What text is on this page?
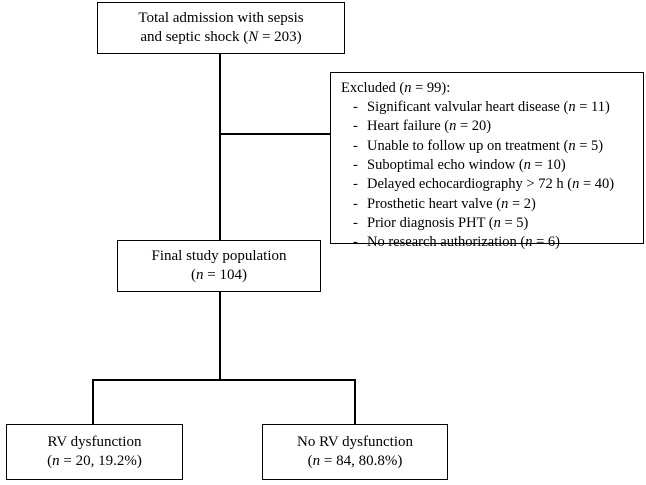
Total admission with sepsis
and septic shock (N = 203)
Excluded (n = 99):
- Significant valvular heart disease (n = 11)
- Heart failure (n = 20)
- Unable to follow up on treatment (n = 5)
- Suboptimal echo window (n = 10)
- Delayed echocardiography > 72 h (n = 40)
- Prosthetic heart valve (n = 2)
- Prior diagnosis PHT (n = 5)
- No research authorization (n = 6)
Final study population
(n = 104)
RV dysfunction
(n = 20, 19.2%)
No RV dysfunction
(n = 84, 80.8%)
